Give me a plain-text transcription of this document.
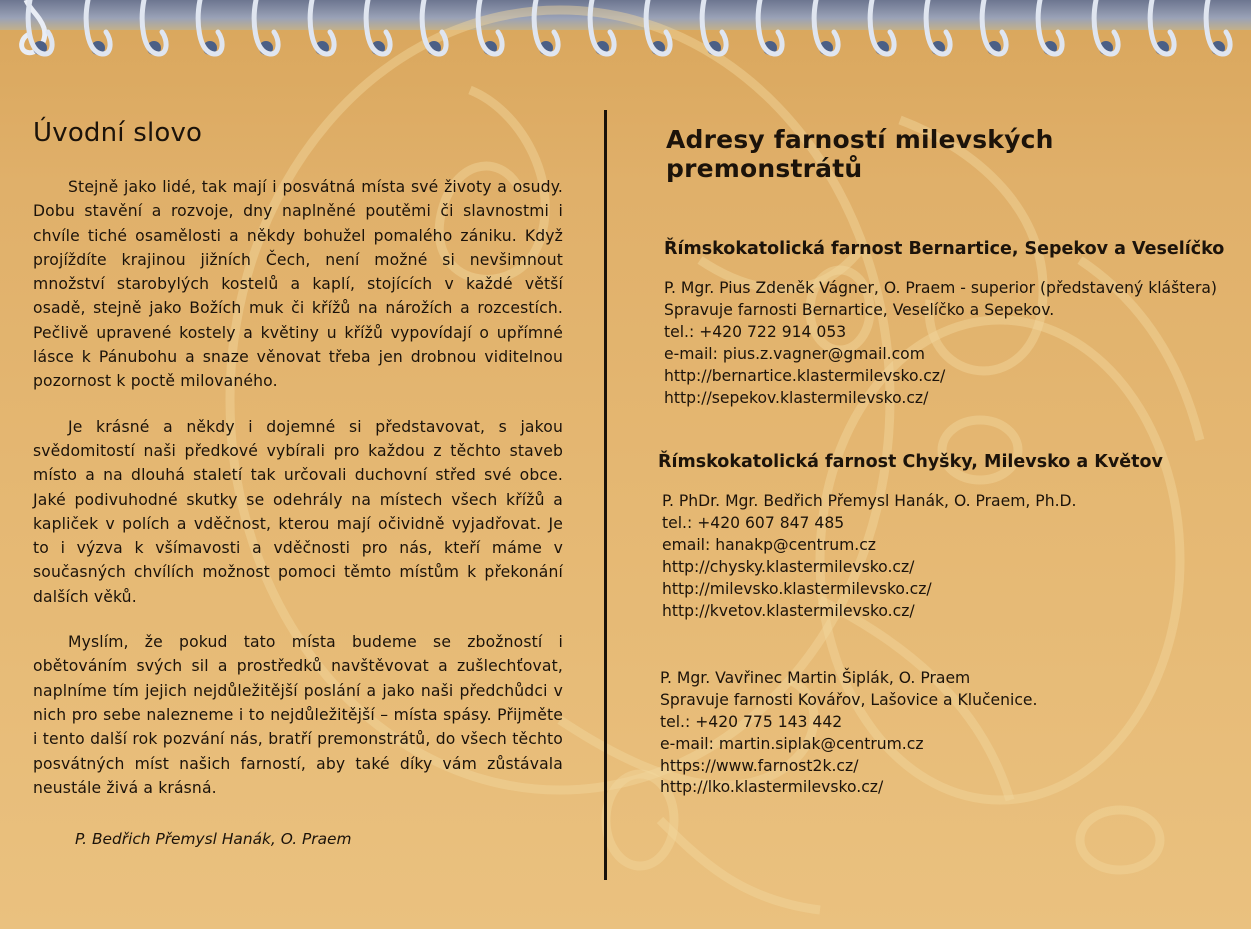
Úvodní slovo

Stejně jako lidé, tak mají i posvátná místa své životy a osudy. Dobu stavění a rozvoje, dny naplněné poutěmi či slavnostmi i chvíle tiché osamělosti a někdy bohužel pomalého zániku. Když projíždíte krajinou jižních Čech, není možné si nevšimnout množství starobylých kostelů a kaplí, stojících v každé větší osadě, stejně jako Božích muk či křížů na nárožích a rozcestích. Pečlivě upravené kostely a květiny u křížů vypovídají o upřímné lásce k Pánubohu a snaze věnovat třeba jen drobnou viditelnou pozornost k poctě milovaného.

Je krásné a někdy i dojemné si představovat, s jakou svědomitostí naši předkové vybírali pro každou z těchto staveb místo a na dlouhá staletí tak určovali duchovní střed své obce. Jaké podivuhodné skutky se odehrály na místech všech křížů a kapliček v polích a vděčnost, kterou mají očividně vyjadřovat. Je to i výzva k všímavosti a vděčnosti pro nás, kteří máme v současných chvílích možnost pomoci těmto místům k překonání dalších věků.

Myslím, že pokud tato místa budeme se zbožností i obětováním svých sil a prostředků navštěvovat a zušlechťovat, naplníme tím jejich nejdůležitější poslání a jako naši předchůdci v nich pro sebe nalezneme i to nejdůležitější – místa spásy. Přijměte i tento další rok pozvání nás, bratří premonstrátů, do všech těchto posvátných míst našich farností, aby také díky vám zůstávala neustále živá a krásná.

P. Bedřich Přemysl Hanák, O. Praem
Adresy farností milevských premonstrátů
Římskokatolická farnost Bernartice, Sepekov a Veselíčko
P. Mgr. Pius Zdeněk Vágner, O. Praem - superior (představený kláštera)
Spravuje farnosti Bernartice, Veselíčko a Sepekov.
tel.: +420 722 914 053
e-mail: pius.z.vagner@gmail.com
http://bernartice.klastermilevsko.cz/
http://sepekov.klastermilevsko.cz/
Římskokatolická farnost Chyšky, Milevsko a Květov
P. PhDr. Mgr. Bedřich Přemysl Hanák, O. Praem, Ph.D.
tel.: +420 607 847 485
email: hanakp@centrum.cz
http://chysky.klastermilevsko.cz/
http://milevsko.klastermilevsko.cz/
http://kvetov.klastermilevsko.cz/
P. Mgr. Vavřinec Martin Šiplák, O. Praem
Spravuje farnosti Kovářov, Lašovice a Klučenice.
tel.: +420 775 143 442
e-mail: martin.siplak@centrum.cz
https://www.farnost2k.cz/
http://lko.klastermilevsko.cz/
